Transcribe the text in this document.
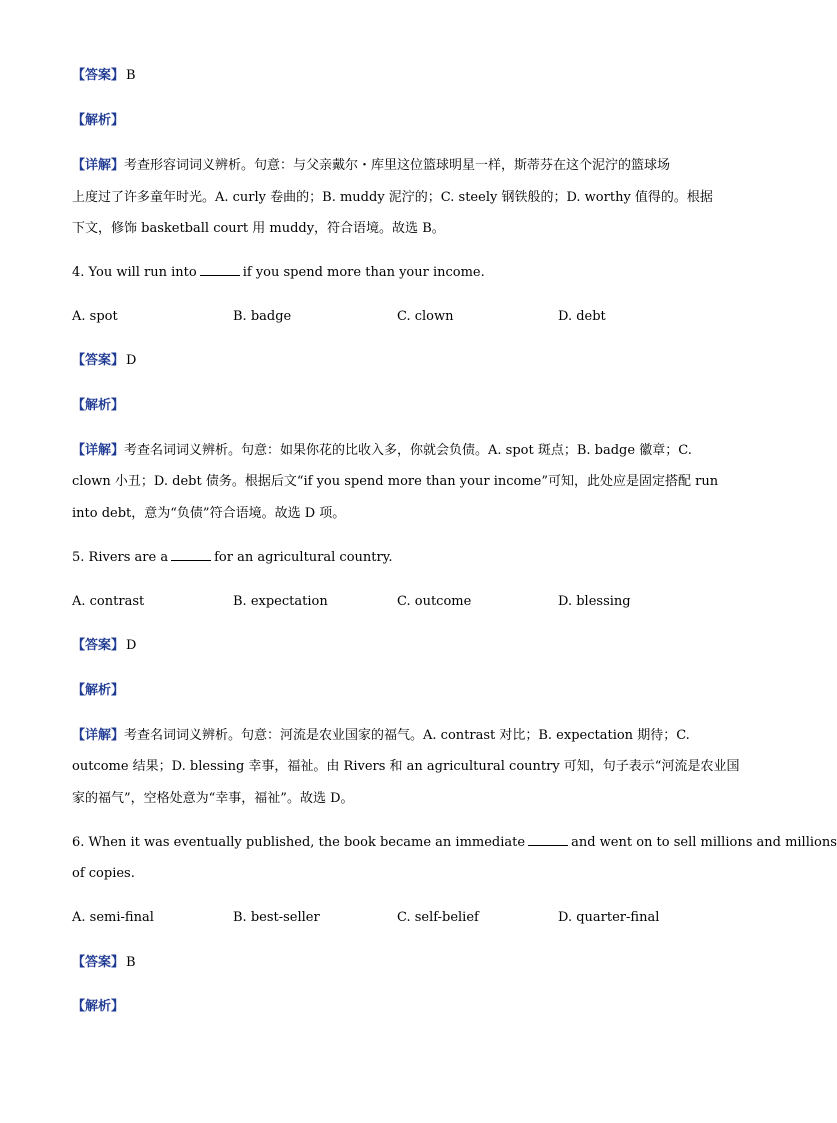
【答案】 B
【解析】
【详解】考查形容词词义辨析。句意：与父亲戴尔・库里这位篮球明星一样，斯蒂芬在这个泥泞的篮球场
上度过了许多童年时光。A. curly 卷曲的；B. muddy 泥泞的；C. steely 钢铁般的；D. worthy 值得的。根据
下文，修饰 basketball court 用 muddy，符合语境。故选 B。
4. You will run into	if you spend more than your income.
A. spot	B. badge	C. clown	D. debt
【答案】 D
【解析】
【详解】考查名词词义辨析。句意：如果你花的比收入多，你就会负债。A. spot 斑点；B. badge 徽章；C.
clown 小丑；D. debt 债务。根据后文“if you spend more than your income”可知，此处应是固定搭配 run
into debt，意为“负债”符合语境。故选 D 项。
5. Rivers are a	for an agricultural country.
A. contrast	B. expectation	C. outcome	D. blessing
【答案】 D
【解析】
【详解】考查名词词义辨析。句意：河流是农业国家的福气。A. contrast 对比；B. expectation 期待；C.
outcome 结果；D. blessing 幸事，福祉。由 Rivers 和 an agricultural country 可知，句子表示“河流是农业国
家的福气”，空格处意为“幸事，福祉”。故选 D。
6. When it was eventually published, the book became an immediate	and went on to sell millions and millions
of copies.
A. semi-final	B. best-seller	C. self-belief	D. quarter-final
【答案】 B
【解析】
